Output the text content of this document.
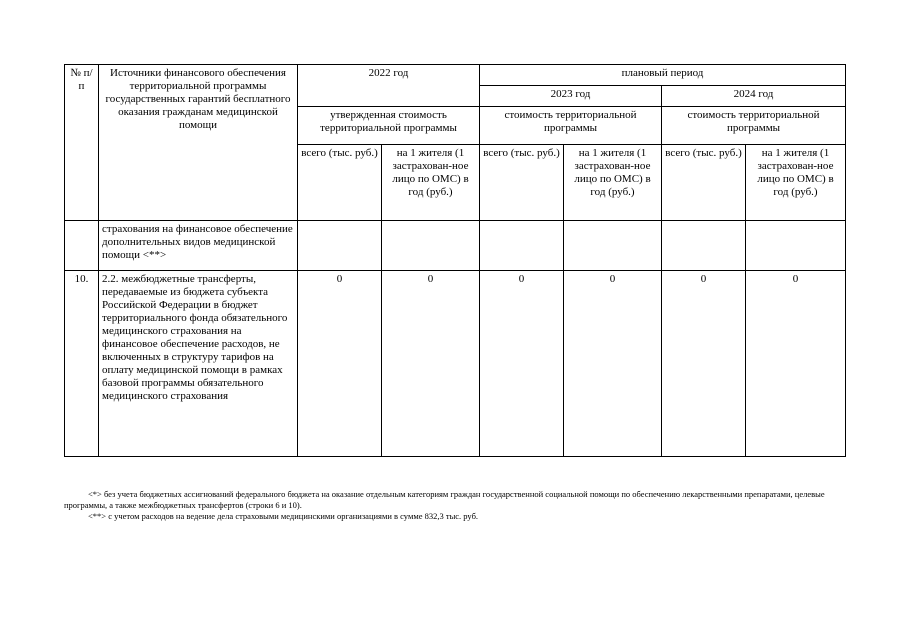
№ п/п	Источники финансового обеспечения территориальной программы государственных гарантий бесплатного оказания гражданам медицинской помощи	2022 год		плановый период			
				2023 год		2024 год	
		утвержденная стоимость территориальной программы		стоимость территориальной программы		стоимость территориальной программы	
		всего (тыс. руб.)	на 1 жителя (1 застрахован-ное лицо по ОМС) в год (руб.)	всего (тыс. руб.)	на 1 жителя (1 застрахован-ное лицо по ОМС) в год (руб.)	всего (тыс. руб.)	на 1 жителя (1 застрахован-ное лицо по ОМС) в год (руб.)
	страхования на финансовое обеспечение дополнительных видов медицинской помощи <**>						
10.	2.2. межбюджетные трансферты, передаваемые из бюджета субъекта Российской Федерации в бюджет территориального фонда обязательного медицинского страхования на финансовое обеспечение расходов, не включенных в структуру тарифов на оплату медицинской помощи в рамках базовой программы обязательного медицинского страхования	0	0	0	0	0	0

<*> без учета бюджетных ассигнований федерального бюджета на оказание отдельным категориям граждан государственной социальной помощи по обеспечению лекарственными препаратами, целевые программы, а также межбюджетных трансфертов (строки 6 и 10).

<**> с учетом расходов на ведение дела страховыми медицинскими организациями в сумме 832,3 тыс. руб.
